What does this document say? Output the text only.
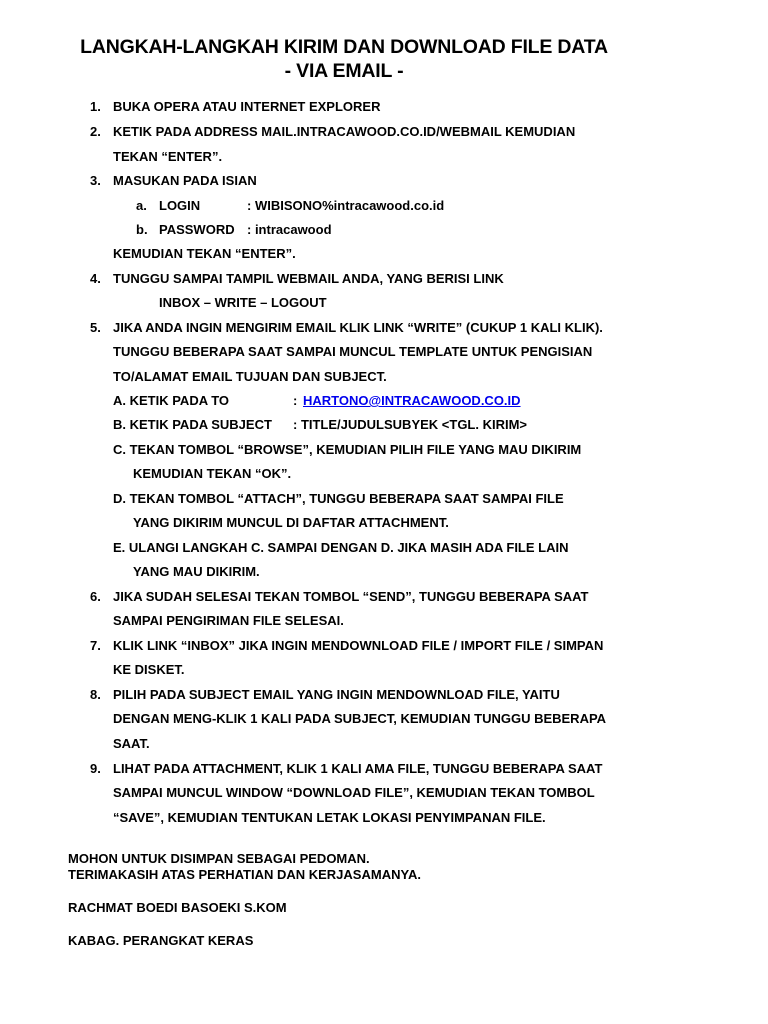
LANGKAH-LANGKAH KIRIM DAN DOWNLOAD FILE DATA
- VIA EMAIL -
1. BUKA OPERA ATAU INTERNET EXPLORER
2. KETIK PADA ADDRESS MAIL.INTRACAWOOD.CO.ID/WEBMAIL KEMUDIAN
TEKAN “ENTER”.
3. MASUKAN PADA ISIAN
a. LOGIN	: WIBISONO%intracawood.co.id
b. PASSWORD : intracawood
KEMUDIAN TEKAN “ENTER”.
4. TUNGGU SAMPAI TAMPIL WEBMAIL ANDA, YANG BERISI LINK
INBOX – WRITE – LOGOUT
5. JIKA ANDA INGIN MENGIRIM EMAIL KLIK LINK “WRITE” (CUKUP 1 KALI KLIK).
TUNGGU BEBERAPA SAAT SAMPAI MUNCUL TEMPLATE UNTUK PENGISIAN
TO/ALAMAT EMAIL TUJUAN DAN SUBJECT.
A. KETIK PADA TO	: HARTONO@INTRACAWOOD.CO.ID
B. KETIK PADA SUBJECT : TITLE/JUDULSUBYEK <TGL. KIRIM>
C. TEKAN TOMBOL “BROWSE”, KEMUDIAN PILIH FILE YANG MAU DIKIRIM
KEMUDIAN TEKAN “OK”.
D. TEKAN TOMBOL “ATTACH”, TUNGGU BEBERAPA SAAT SAMPAI FILE
YANG DIKIRIM MUNCUL DI DAFTAR ATTACHMENT.
E. ULANGI LANGKAH C. SAMPAI DENGAN D. JIKA MASIH ADA FILE LAIN
YANG MAU DIKIRIM.
6. JIKA SUDAH SELESAI TEKAN TOMBOL “SEND”, TUNGGU BEBERAPA SAAT
SAMPAI PENGIRIMAN FILE SELESAI.
7. KLIK LINK “INBOX” JIKA INGIN MENDOWNLOAD FILE / IMPORT FILE / SIMPAN
KE DISKET.
8. PILIH PADA SUBJECT EMAIL YANG INGIN MENDOWNLOAD FILE, YAITU
DENGAN MENG-KLIK 1 KALI PADA SUBJECT, KEMUDIAN TUNGGU BEBERAPA
SAAT.
9. LIHAT PADA ATTACHMENT, KLIK 1 KALI AMA FILE, TUNGGU BEBERAPA SAAT
SAMPAI MUNCUL WINDOW “DOWNLOAD FILE”, KEMUDIAN TEKAN TOMBOL
“SAVE”, KEMUDIAN TENTUKAN LETAK LOKASI PENYIMPANAN FILE.
MOHON UNTUK DISIMPAN SEBAGAI PEDOMAN.
TERIMAKASIH ATAS PERHATIAN DAN KERJASAMANYA.
RACHMAT BOEDI BASOEKI S.KOM
KABAG. PERANGKAT KERAS
